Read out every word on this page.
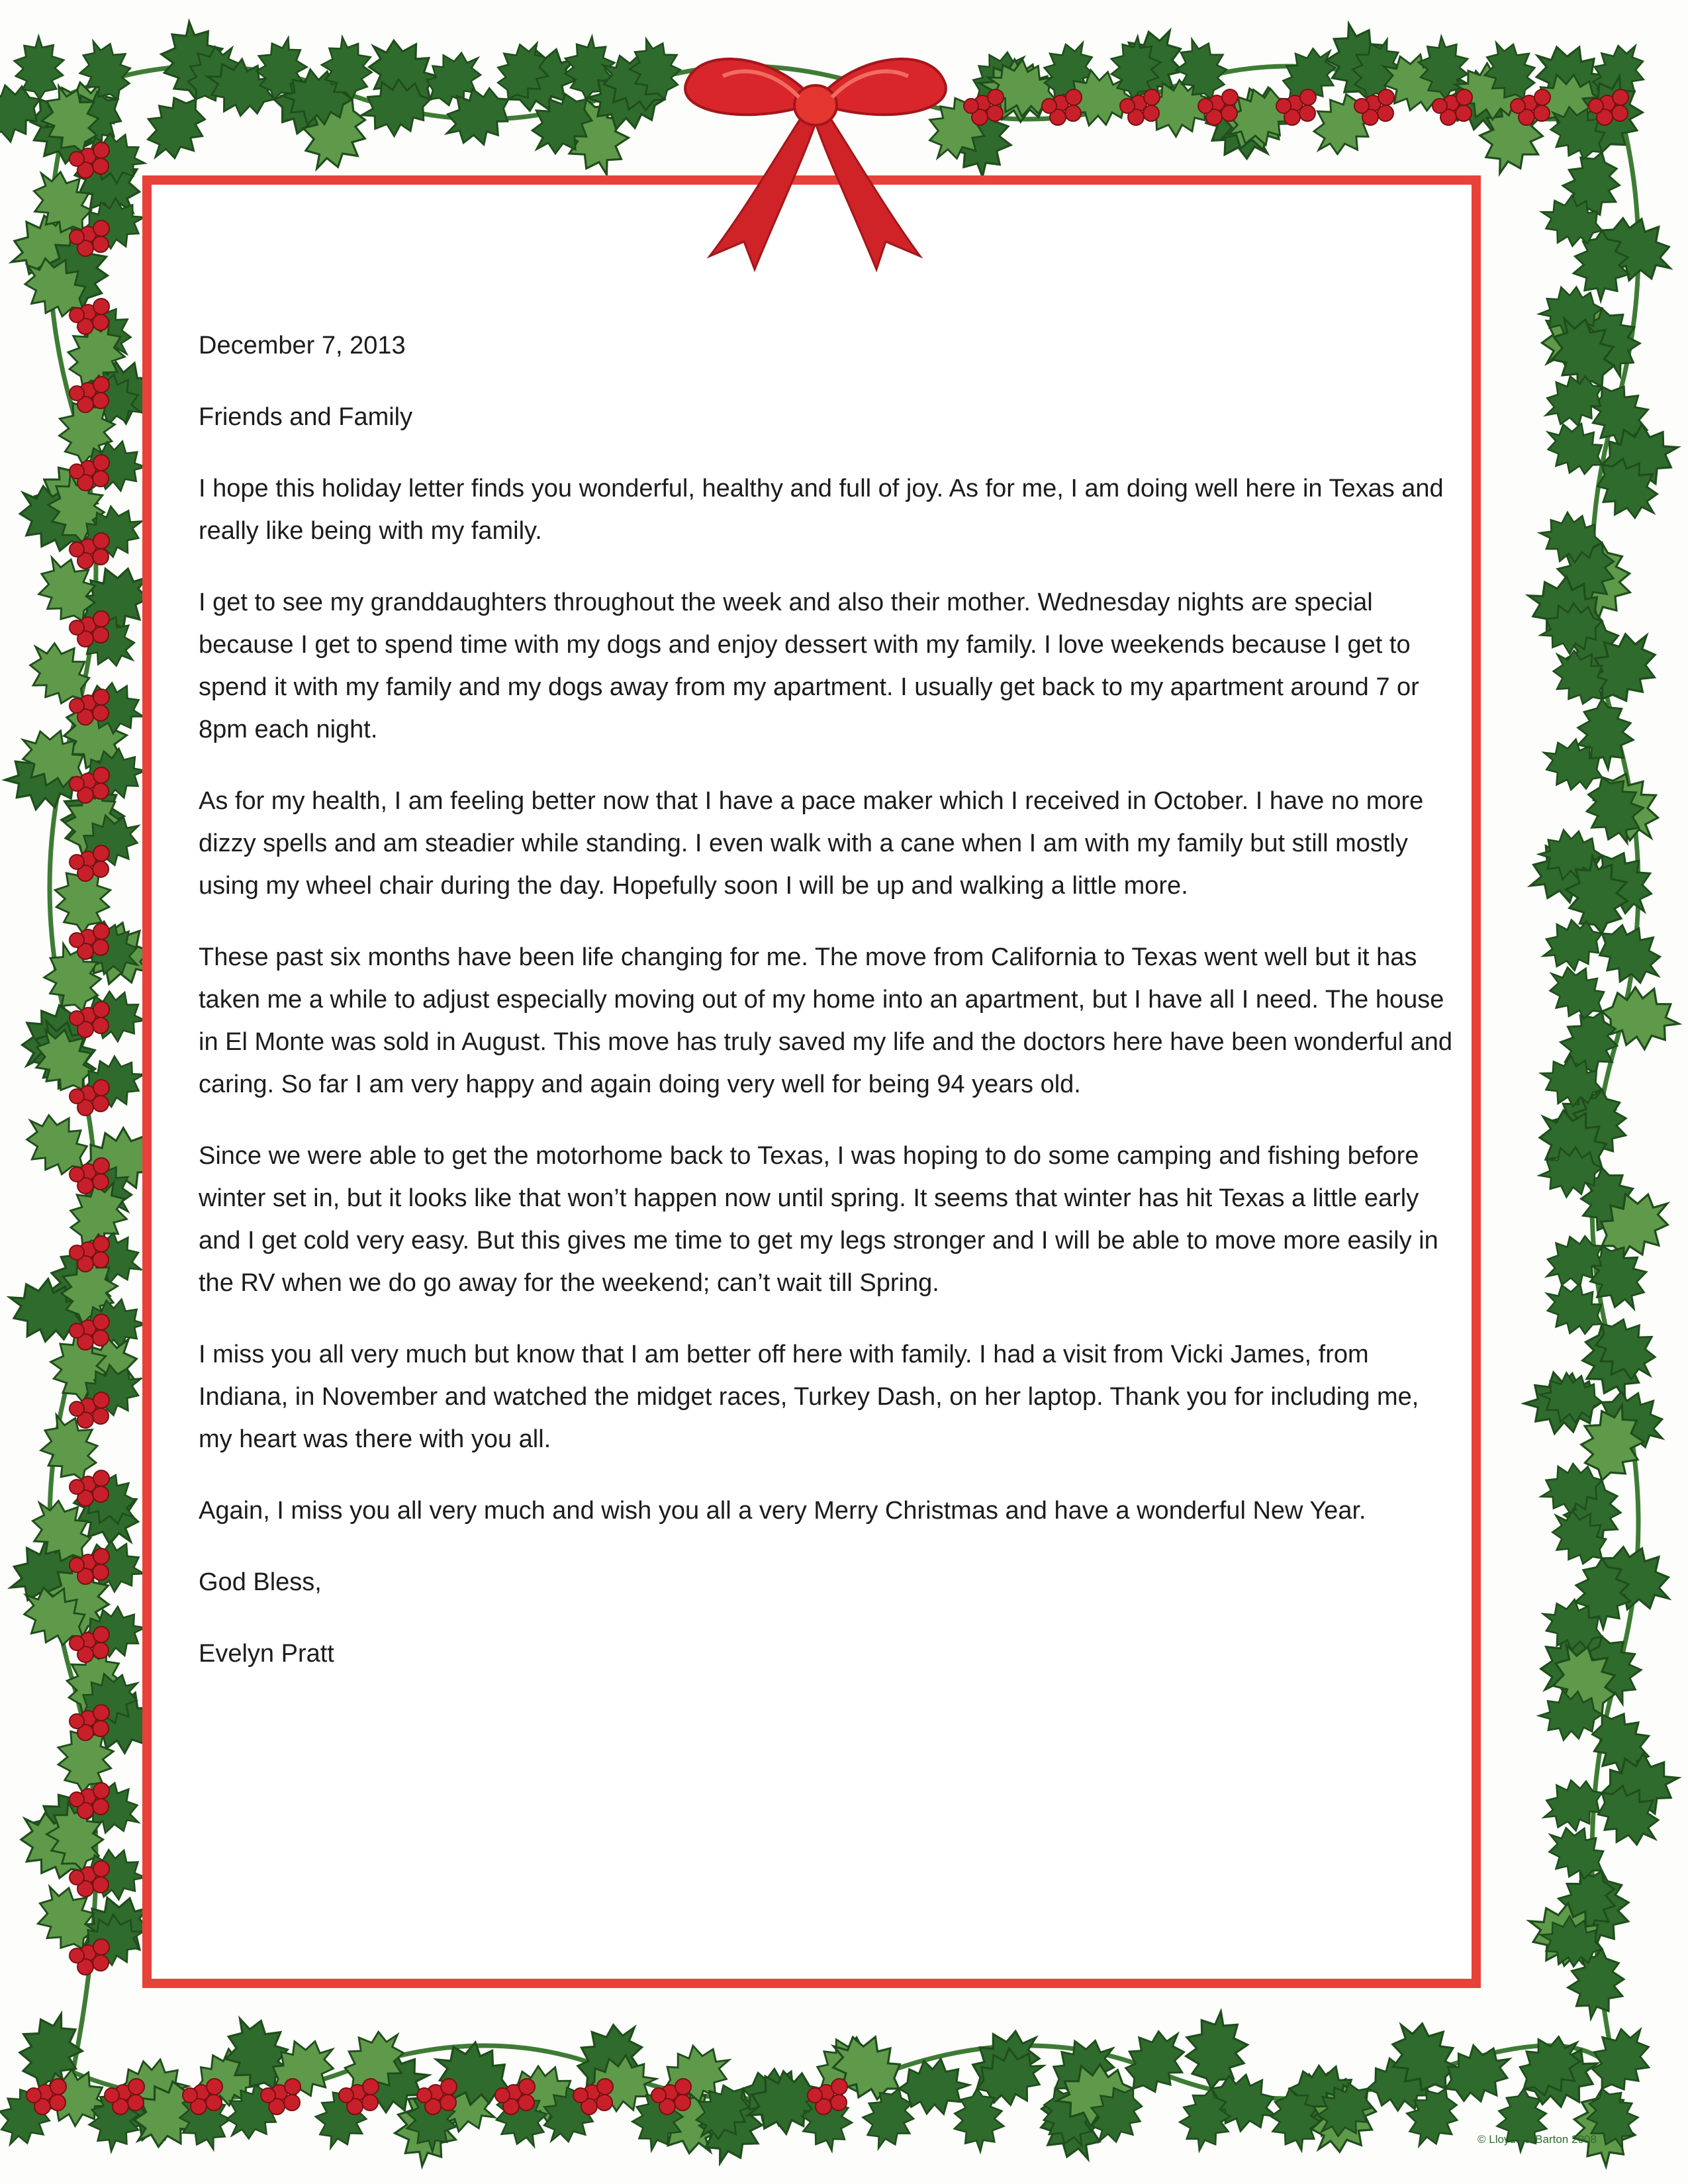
December 7, 2013

Friends and Family

I hope this holiday letter finds you wonderful, healthy and full of joy. As for me, I am doing well here in Texas and really like being with my family.

I get to see my granddaughters throughout the week and also their mother. Wednesday nights are special because I get to spend time with my dogs and enjoy dessert with my family. I love weekends because I get to spend it with my family and my dogs away from my apartment. I usually get back to my apartment around 7 or 8pm each night.

As for my health, I am feeling better now that I have a pace maker which I received in October. I have no more dizzy spells and am steadier while standing. I even walk with a cane when I am with my family but still mostly using my wheel chair during the day. Hopefully soon I will be up and walking a little more.

These past six months have been life changing for me. The move from California to Texas went well but it has taken me a while to adjust especially moving out of my home into an apartment, but I have all I need. The house in El Monte was sold in August. This move has truly saved my life and the doctors here have been wonderful and caring. So far I am very happy and again doing very well for being 94 years old.

Since we were able to get the motorhome back to Texas, I was hoping to do some camping and fishing before winter set in, but it looks like that won’t happen now until spring. It seems that winter has hit Texas a little early and I get cold very easy. But this gives me time to get my legs stronger and I will be able to move more easily in the RV when we do go away for the weekend; can’t wait till Spring.

I miss you all very much but know that I am better off here with family. I had a visit from Vicki James, from Indiana, in November and watched the midget races, Turkey Dash, on her laptop. Thank you for including me, my heart was there with you all.

Again, I miss you all very much and wish you all a very Merry Christmas and have a wonderful New Year.

God Bless,

Evelyn Pratt

© Lloyds & Barton 2008
